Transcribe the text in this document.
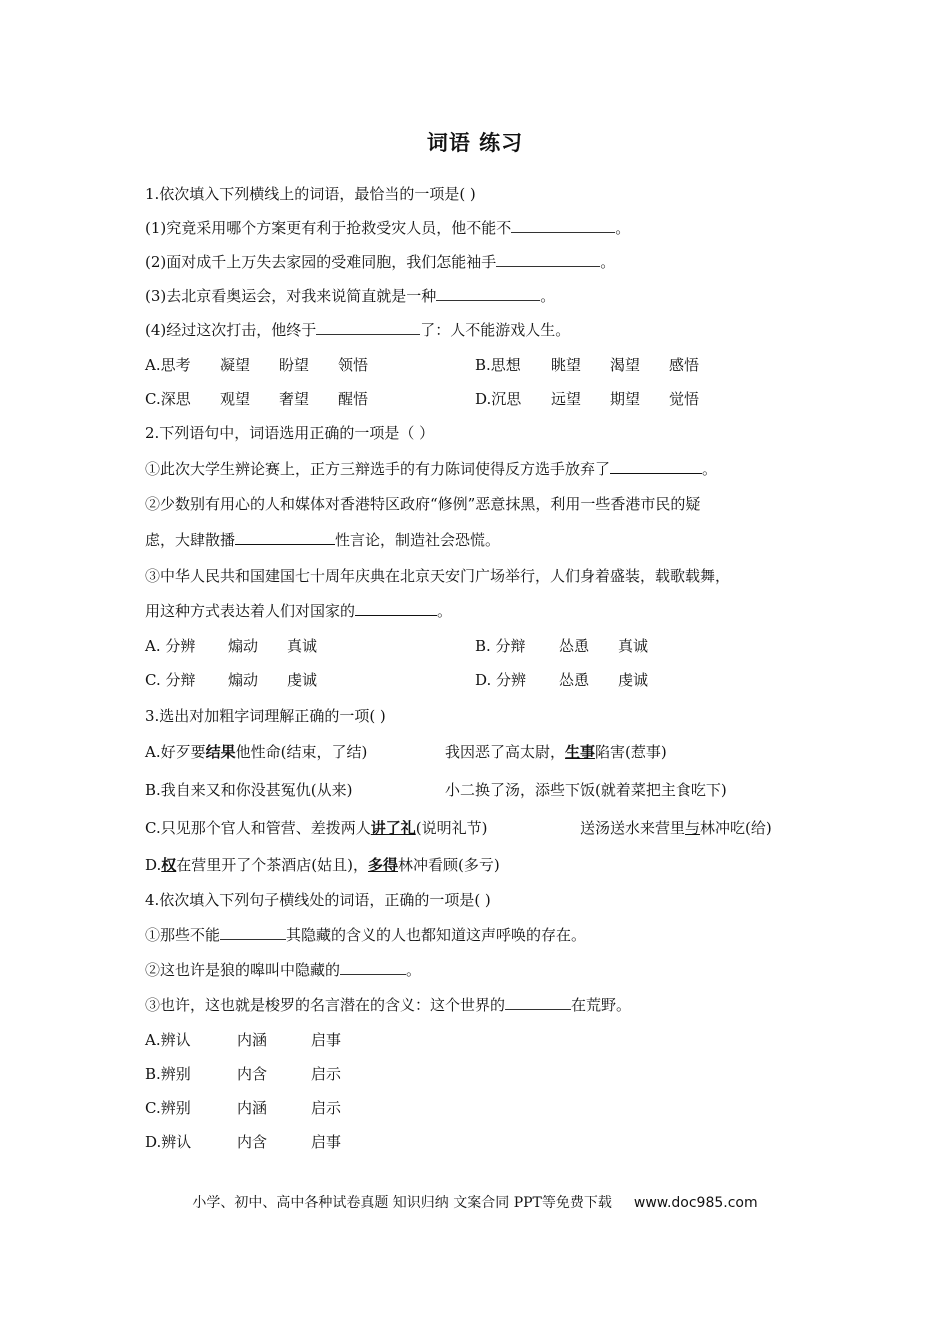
词语 练习
1.依次填入下列横线上的词语，最恰当的一项是( )
(1)究竟采用哪个方案更有利于抢救受灾人员，他不能不	。
(2)面对成千上万失去家园的受难同胞，我们怎能袖手	。
(3)去北京看奥运会，对我来说简直就是一种	。
(4)经过这次打击，他终于	了：人不能游戏人生。
A.思考 凝望 盼望 领悟	B.思想 眺望 渴望 感悟
C.深思 观望 奢望 醒悟	D.沉思 远望 期望 觉悟
2.下列语句中，词语选用正确的一项是（ ）
①此次大学生辨论赛上，正方三辩选手的有力陈词使得反方选手放弃了	。
②少数别有用心的人和媒体对香港特区政府“修例”恶意抹黑，利用一些香港市民的疑
虑，大肆散播	性言论，制造社会恐慌。
③中华人民共和国建国七十周年庆典在北京天安门广场举行，人们身着盛装，载歌载舞，
用这种方式表达着人们对国家的	。
A. 分辨 煽动 真诚	B. 分辩 怂恿 真诚
C. 分辩 煽动 虔诚	D. 分辨 怂恿 虔诚
3.选出对加粗字词理解正确的一项( )
A.好歹要结果他性命(结束，了结)	我因恶了高太尉，生事陷害(惹事)
B.我自来又和你没甚冤仇(从来)	小二换了汤，添些下饭(就着菜把主食吃下)
C.只见那个官人和管营、差拨两人讲了礼(说明礼节)	送汤送水来营里与林冲吃(给)
D.权在营里开了个茶酒店(姑且)，多得林冲看顾(多亏)
4.依次填入下列句子横线处的词语，正确的一项是( )
①那些不能	其隐藏的含义的人也都知道这声呼唤的存在。
②这也许是狼的嗥叫中隐藏的	。
③也许，这也就是梭罗的名言潜在的含义：这个世界的	在荒野。
A.辨认	内涵	启事
B.辨别	内含	启示
C.辨别	内涵	启示
D.辨认	内含	启事
小学、初中、高中各种试卷真题 知识归纳 文案合同 PPT等免费下载 www.doc985.com
